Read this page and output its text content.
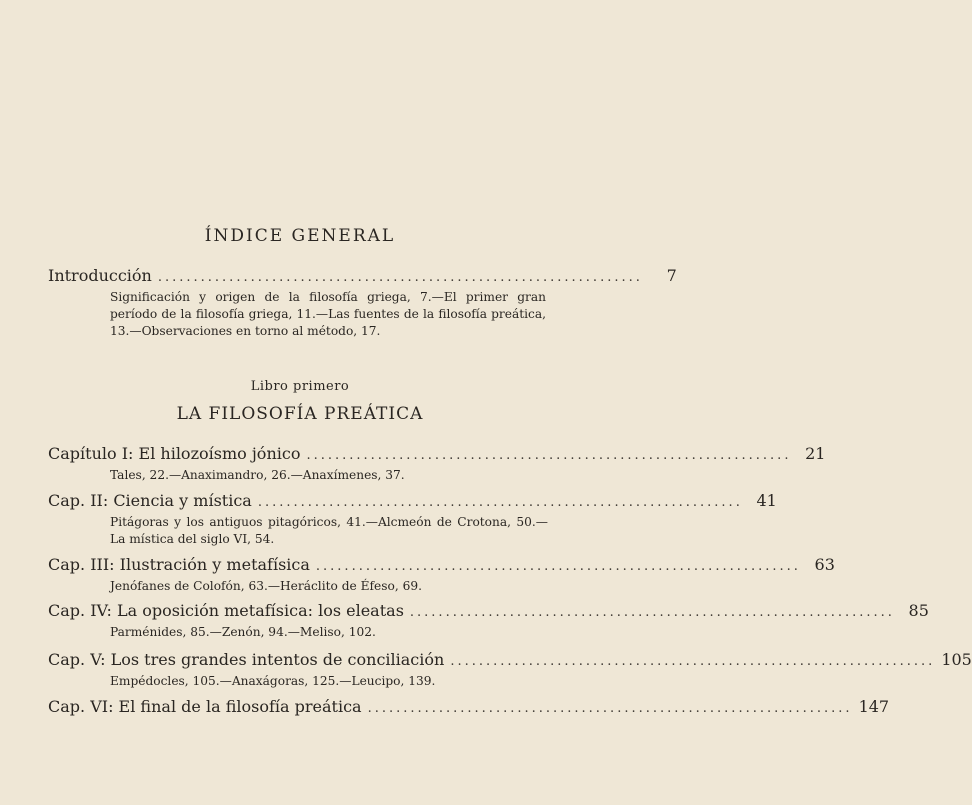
ÍNDICE GENERAL
Introducción ....................................................................	7
Significación y origen de la filosofía griega, 7.—El primer gran período de la filosofía griega, 11.—Las fuentes de la filosofía preática, 13.—Observaciones en torno al método, 17.
Libro primero
LA FILOSOFÍA PREÁTICA
Capítulo I: El hilozoísmo jónico .................................................................... 21
Tales, 22.—Anaximandro, 26.—Anaxímenes, 37.
Cap. II: Ciencia y mística .................................................................... 41
Pitágoras y los antiguos pitagóricos, 41.—Alcmeón de Crotona, 50.—La mística del siglo VI, 54.
Cap. III: Ilustración y metafísica .................................................................... 63
Jenófanes de Colofón, 63.—Heráclito de Éfeso, 69.
Cap. IV: La oposición metafísica: los eleatas .................................................................... 85
Parménides, 85.—Zenón, 94.—Meliso, 102.
Cap. V: Los tres grandes intentos de conciliación .................................................................... 105
Empédocles, 105.—Anaxágoras, 125.—Leucipo, 139.
Cap. VI: El final de la filosofía preática .................................................................... 147
